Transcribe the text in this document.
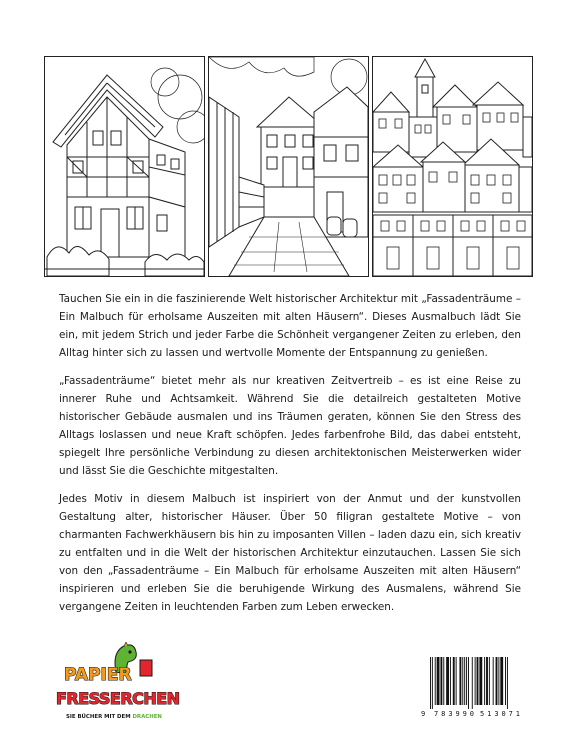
Tauchen Sie ein in die faszinierende Welt historischer Architektur mit „Fassadenträume – Ein Malbuch für erholsame Auszeiten mit alten Häusern“. Dieses Ausmalbuch lädt Sie ein, mit jedem Strich und jeder Farbe die Schönheit vergangener Zeiten zu erleben, den Alltag hinter sich zu lassen und wertvolle Momente der Entspannung zu genießen.

„Fassadenträume“ bietet mehr als nur kreativen Zeitvertreib – es ist eine Reise zu innerer Ruhe und Achtsamkeit. Während Sie die detailreich gestalteten Motive historischer Gebäude ausmalen und ins Träumen geraten, können Sie den Stress des Alltags loslassen und neue Kraft schöpfen. Jedes farbenfrohe Bild, das dabei entsteht, spiegelt Ihre persönliche Verbindung zu diesen architektonischen Meisterwerken wider und lässt Sie die Geschichte mitgestalten.

Jedes Motiv in diesem Malbuch ist inspiriert von der Anmut und der kunstvollen Gestaltung alter, historischer Häuser. Über 50 filigran gestaltete Motive – von charmanten Fachwerkhäusern bis hin zu imposanten Villen – laden dazu ein, sich kreativ zu entfalten und in die Welt der historischen Architektur einzutauchen. Lassen Sie sich von den „Fassadenträume – Ein Malbuch für erholsame Auszeiten mit alten Häusern“ inspirieren und erleben Sie die beruhigende Wirkung des Ausmalens, während Sie vergangene Zeiten in leuchtenden Farben zum Leben erwecken.

PAPIER
FRESSERCHEN
SIE BÜCHER MIT DEM DRACHEN	9 783990 513071
